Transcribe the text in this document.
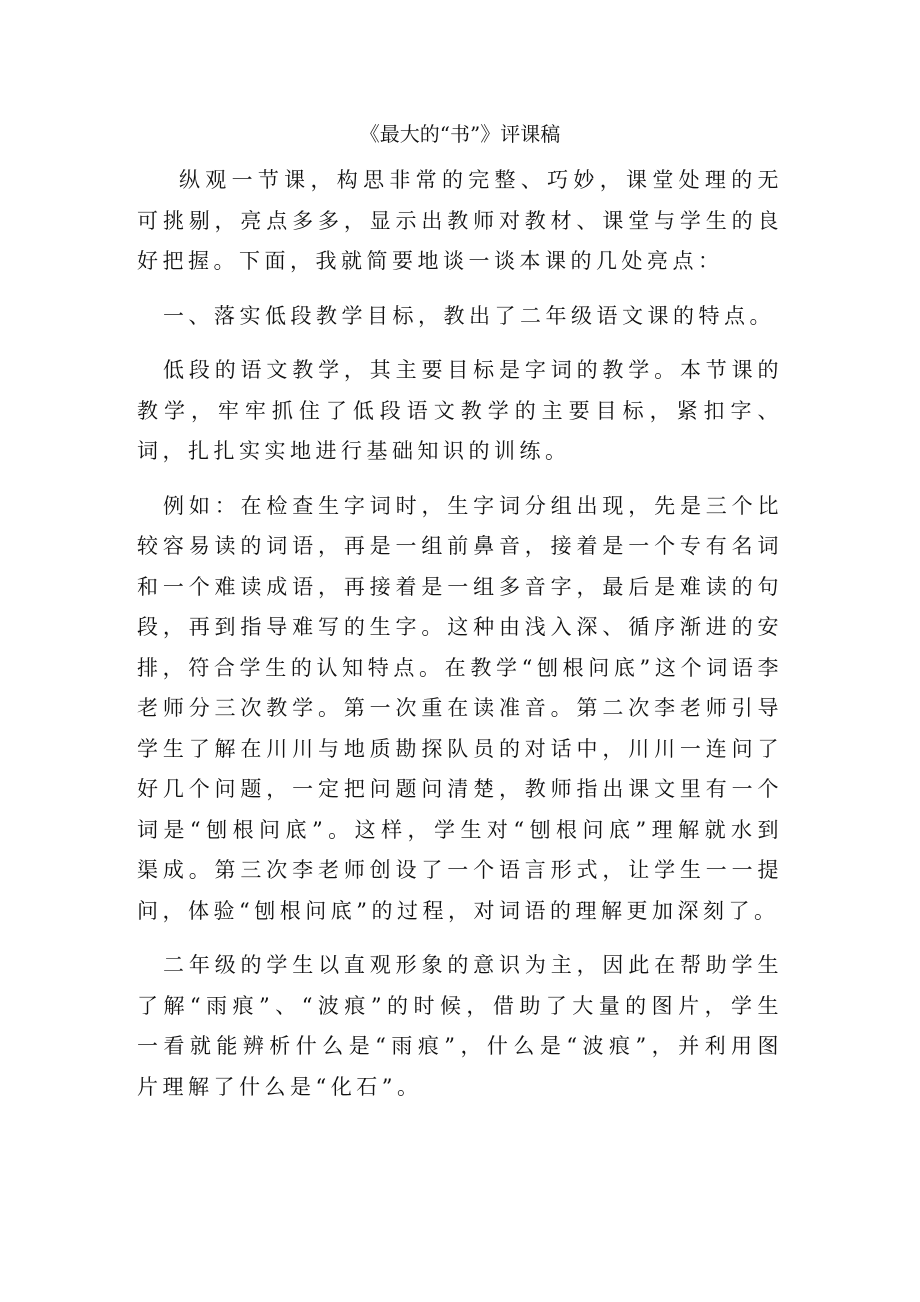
《最大的“书”》评课稿

纵观一节课，构思非常的完整、巧妙，课堂处理的无可挑剔，亮点多多，显示出教师对教材、课堂与学生的良好把握。下面，我就简要地谈一谈本课的几处亮点：

一、落实低段教学目标，教出了二年级语文课的特点。

低段的语文教学，其主要目标是字词的教学。本节课的教学，牢牢抓住了低段语文教学的主要目标，紧扣字、词，扎扎实实地进行基础知识的训练。

例如：在检查生字词时，生字词分组出现，先是三个比较容易读的词语，再是一组前鼻音，接着是一个专有名词和一个难读成语，再接着是一组多音字，最后是难读的句段，再到指导难写的生字。这种由浅入深、循序渐进的安排，符合学生的认知特点。在教学“刨根问底”这个词语李老师分三次教学。第一次重在读准音。第二次李老师引导学生了解在川川与地质勘探队员的对话中，川川一连问了好几个问题，一定把问题问清楚，教师指出课文里有一个词是“刨根问底”。这样，学生对“刨根问底”理解就水到渠成。第三次李老师创设了一个语言形式，让学生一一提问，体验“刨根问底”的过程，对词语的理解更加深刻了。

二年级的学生以直观形象的意识为主，因此在帮助学生了解“雨痕”、“波痕”的时候，借助了大量的图片，学生一看就能辨析什么是“雨痕”，什么是“波痕”，并利用图片理解了什么是“化石”。
